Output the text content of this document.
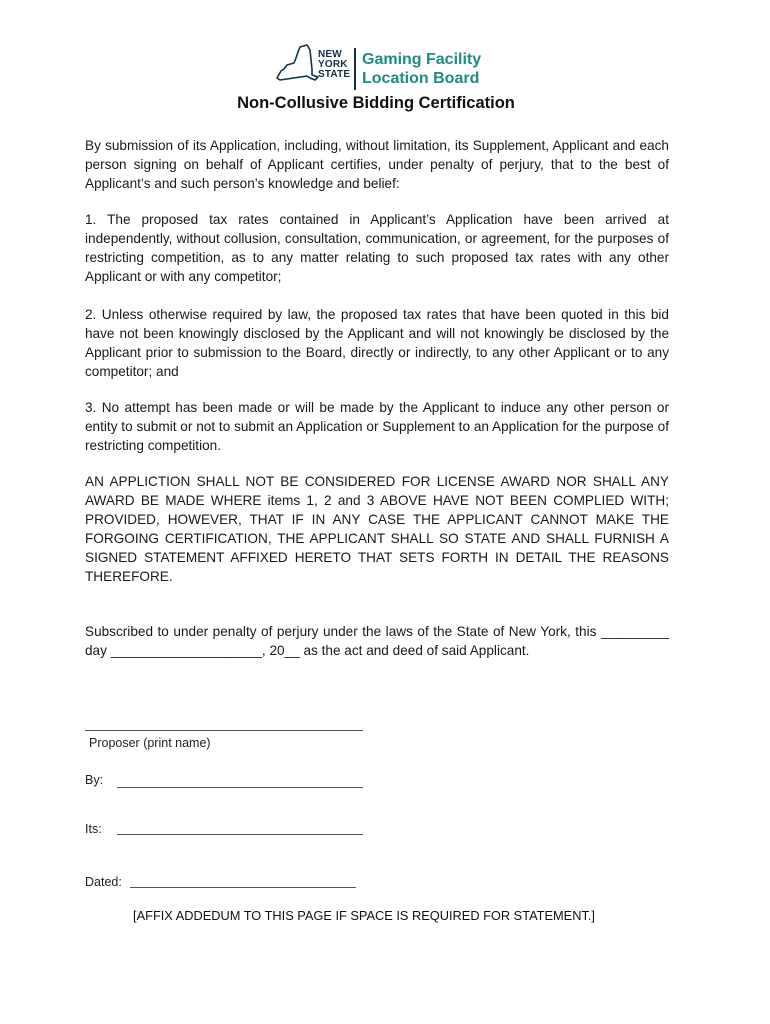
NEW
YORK
STATE
Gaming Facility
Location Board
Non-Collusive Bidding Certification

By submission of its Application, including, without limitation, its Supplement, Applicant and each person signing on behalf of Applicant certifies, under penalty of perjury, that to the best of Applicant’s and such person’s knowledge and belief:

1. The proposed tax rates contained in Applicant’s Application have been arrived at independently, without collusion, consultation, communication, or agreement, for the purposes of restricting competition, as to any matter relating to such proposed tax rates with any other Applicant or with any competitor;

2. Unless otherwise required by law, the proposed tax rates that have been quoted in this bid have not been knowingly disclosed by the Applicant and will not knowingly be disclosed by the Applicant prior to submission to the Board, directly or indirectly, to any other Applicant or to any competitor; and

3. No attempt has been made or will be made by the Applicant to induce any other person or entity to submit or not to submit an Application or Supplement to an Application for the purpose of restricting competition.

AN APPLICTION SHALL NOT BE CONSIDERED FOR LICENSE AWARD NOR SHALL ANY AWARD BE MADE WHERE items 1, 2 and 3 ABOVE HAVE NOT BEEN COMPLIED WITH; PROVIDED, HOWEVER, THAT IF IN ANY CASE THE APPLICANT CANNOT MAKE THE FORGOING CERTIFICATION, THE APPLICANT SHALL SO STATE AND SHALL FURNISH A SIGNED STATEMENT AFFIXED HERETO THAT SETS FORTH IN DETAIL THE REASONS THEREFORE.

Subscribed to under penalty of perjury under the laws of the State of New York, this _________ day ____________________, 20__ as the act and deed of said Applicant.

Proposer (print name)
By:
Its:
Dated:
[AFFIX ADDEDUM TO THIS PAGE IF SPACE IS REQUIRED FOR STATEMENT.]
